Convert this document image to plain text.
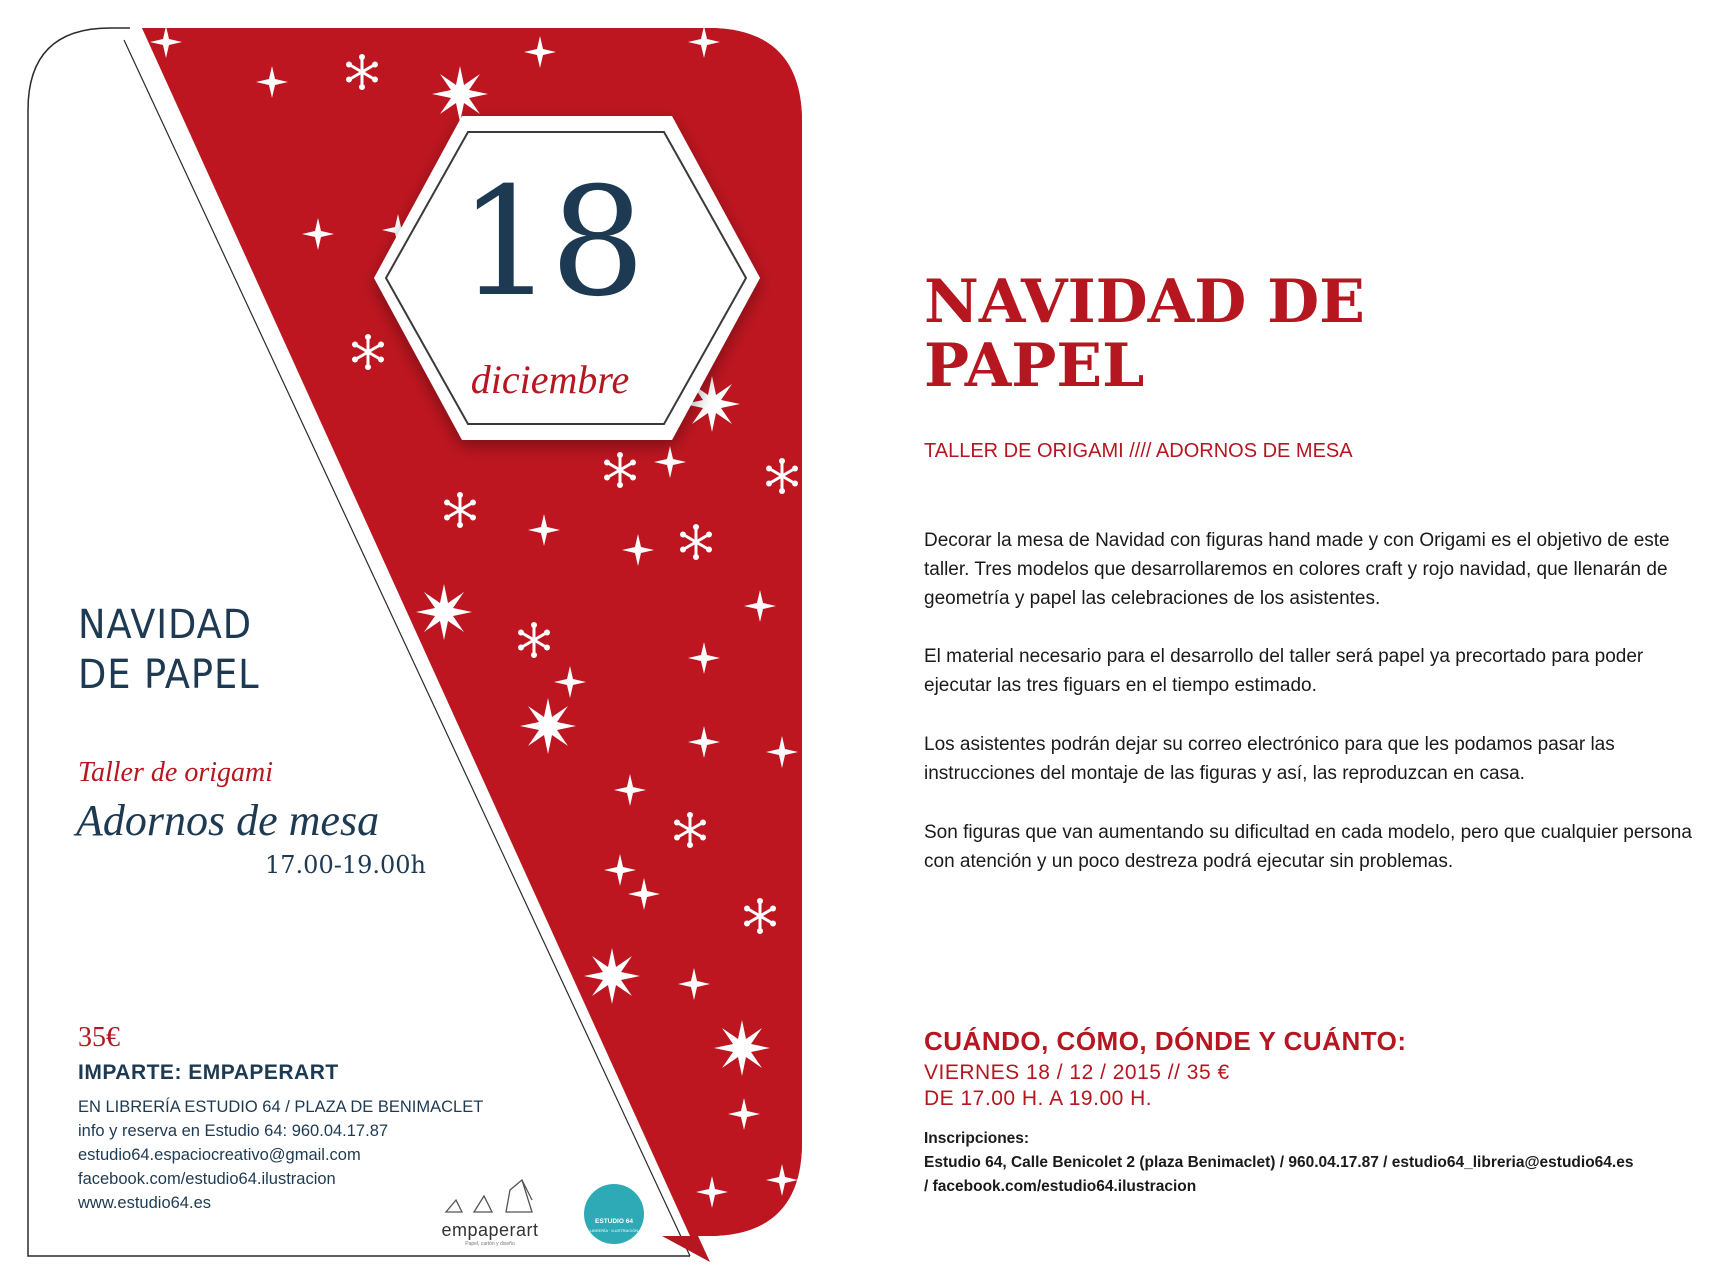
18
diciembre
NAVIDAD
DE PAPEL
Taller de origami
Adornos de mesa
17.00-19.00h
35€
IMPARTE: EMPAPERART
EN LIBRERÍA ESTUDIO 64 / PLAZA DE BENIMACLET
info y reserva en Estudio 64: 960.04.17.87
estudio64.espaciocreativo@gmail.com
facebook.com/estudio64.ilustracion
www.estudio64.es
empaperart
Papel, cartón y diseño
ESTUDIO 64
LIBRERÍA · ILUSTRACIÓN
NAVIDAD DE
PAPEL
TALLER DE ORIGAMI //// ADORNOS DE MESA
Decorar la mesa de Navidad con figuras hand made y con Origami es el objetivo de este taller. Tres modelos que desarrollaremos en colores craft y rojo navidad, que llenarán de geometría y papel las celebraciones de los asistentes.
El material necesario para el desarrollo del taller será papel ya precortado para poder ejecutar las tres figuars en el tiempo estimado.
Los asistentes podrán dejar su correo electrónico para que les podamos pasar las instrucciones del montaje de las figuras y así, las reproduzcan en casa.
Son figuras que van aumentando su dificultad en cada modelo, pero que cualquier persona con atención y un poco destreza podrá ejecutar sin problemas.
CUÁNDO, CÓMO, DÓNDE Y CUÁNTO:
VIERNES 18 / 12 / 2015 // 35 €
DE 17.00 H. A 19.00 H.
Inscripciones:
Estudio 64, Calle Benicolet 2 (plaza Benimaclet) / 960.04.17.87 / estudio64_libreria@estudio64.es
/ facebook.com/estudio64.ilustracion
